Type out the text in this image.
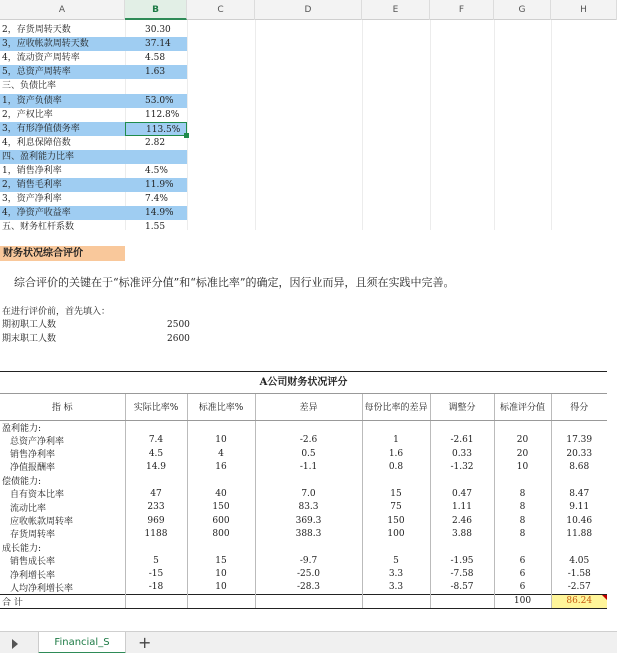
A	B	C	D	E	F	G	H
2，存货周转天数	30.30
3，应收帐款周转天数	37.14
4，流动资产周转率	4.58
5，总资产周转率	1.63
三、负债比率
1，资产负债率	53.0%
2，产权比率	112.8%
3，有形净值债务率	113.5%
4，利息保障倍数	2.82
四、盈利能力比率
1，销售净利率	4.5%
2，销售毛利率	11.9%
3，资产净利率	7.4%
4，净资产收益率	14.9%
五、财务杠杆系数	1.55
财务状况综合评价
综合评价的关键在于“标准评分值”和“标准比率”的确定，因行业而异，且须在实践中完善。
在进行评价前，首先填入：
期初职工人数	2500
期末职工人数	2600
A公司财务状况评分
指 标	实际比率%	标准比率%	差异	每份比率的差异	调整分	标准评分值	得分
盈利能力:							
总资产净利率	7.4	10	-2.6	1	-2.61	20	17.39
销售净利率	4.5	4	0.5	1.6	0.33	20	20.33
净值报酬率	14.9	16	-1.1	0.8	-1.32	10	8.68
偿债能力:							
自有资本比率	47	40	7.0	15	0.47	8	8.47
流动比率	233	150	83.3	75	1.11	8	9.11
应收帐款周转率	969	600	369.3	150	2.46	8	10.46
存货周转率	1188	800	388.3	100	3.88	8	11.88
成长能力:							
销售成长率	5	15	-9.7	5	-1.95	6	4.05
净利增长率	-15	10	-25.0	3.3	-7.58	6	-1.58
人均净利增长率	-18	10	-28.3	3.3	-8.57	6	-2.57
合 计						100	86.24
Financial_S	+
